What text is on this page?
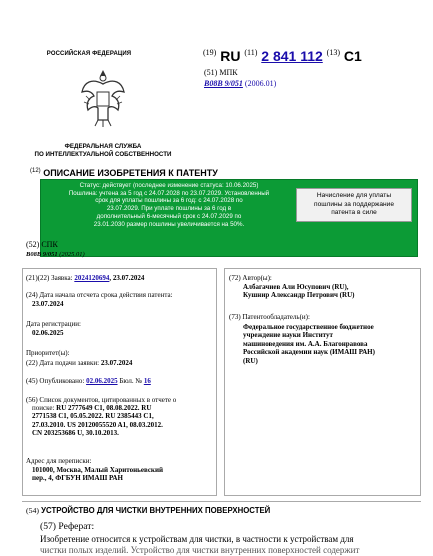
РОССИЙСКАЯ ФЕДЕРАЦИЯ
ФЕДЕРАЛЬНАЯ СЛУЖБА
ПО ИНТЕЛЛЕКТУАЛЬНОЙ СОБСТВЕННОСТИ
$^{(19)}$ RU $^{(11)}$ 2 841 112 $^{(13)}$ C1
(51) МПК
B08B 9/051 (2006.01)
$^{(12)}$ ОПИСАНИЕ ИЗОБРЕТЕНИЯ К ПАТЕНТУ
Статус: действует (последнее изменение статуса: 10.06.2025)
Пошлина: учтена за 5 год с 24.07.2028 по 23.07.2029. Установленный
срок для уплаты пошлины за 6 год: с 24.07.2028 по
23.07.2029. При уплате пошлины за 6 год в
дополнительный 6-месячный срок с 24.07.2029 по
23.01.2030 размер пошлины увеличивается на 50%.
Начисление для уплаты
пошлины за поддержание
патента в силе
(52) СПК
B08B 9/051 (2025.01)
(21)(22) Заявка: 2024120694, 23.07.2024
(24) Дата начала отсчета срока действия патента:
23.07.2024
Дата регистрации:
02.06.2025
Приоритет(ы):
(22) Дата подачи заявки: 23.07.2024
(45) Опубликовано: 02.06.2025 Бюл. № 16
(56) Список документов, цитированных в отчете о
поиске: RU 2777649 C1, 08.08.2022. RU
2771538 C1, 05.05.2022. RU 2385443 C1,
27.03.2010. US 20120055520 A1, 08.03.2012.
CN 203253686 U, 30.10.2013.
Адрес для переписки:
101000, Москва, Малый Харитоньевский
пер., 4, ФГБУН ИМАШ РАН
(72) Автор(ы):
Албагачиев Али Юсупович (RU),
Кушнир Александр Петрович (RU)
(73) Патентообладатель(и):
Федеральное государственное бюджетное
учреждение науки Институт
машиноведения им. А.А. Благонравова
Российской академии наук (ИМАШ РАН)
(RU)
(54) УСТРОЙСТВО ДЛЯ ЧИСТКИ ВНУТРЕННИХ ПОВЕРХНОСТЕЙ
(57) Реферат:
Изобретение относится к устройствам для чистки, в частности к устройствам для
чистки полых изделий. Устройство для чистки внутренних поверхностей содержит
